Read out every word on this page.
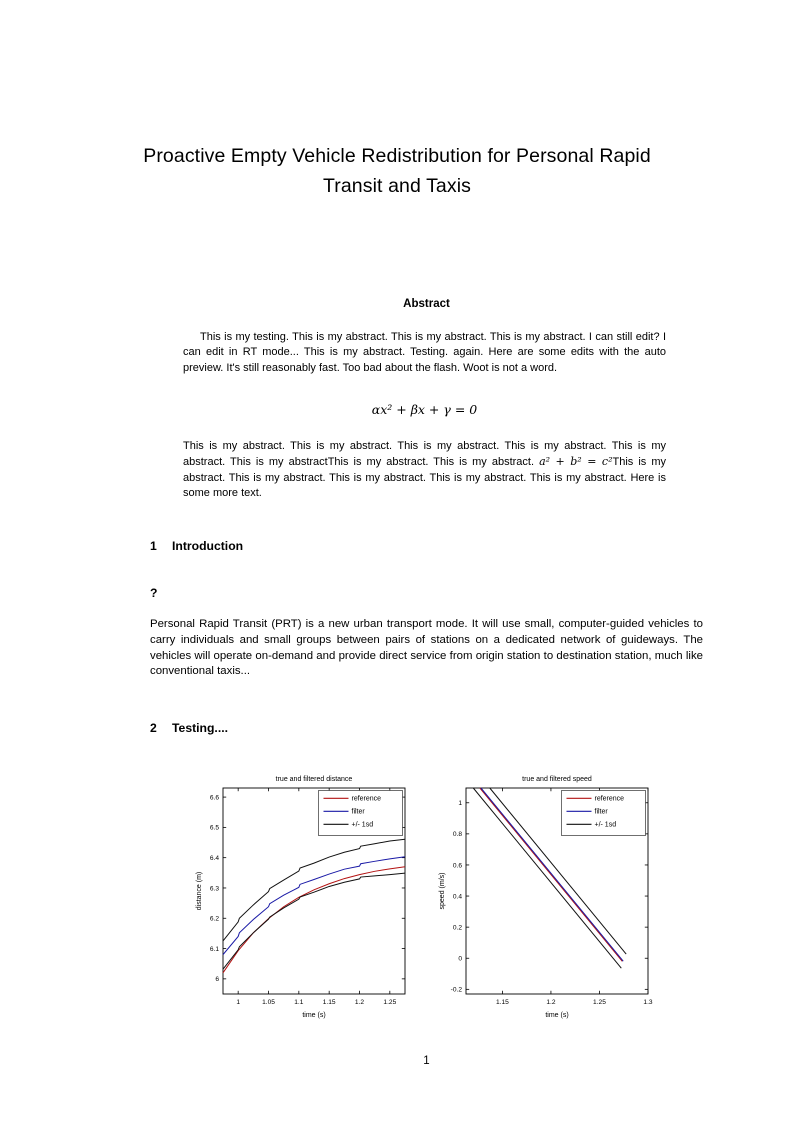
Proactive Empty Vehicle Redistribution for Personal Rapid Transit and Taxis
Abstract
This is my testing. This is my abstract. This is my abstract. This is my abstract. I can still edit? I can edit in RT mode... This is my abstract. Testing. again. Here are some edits with the auto preview. It's still reasonably fast. Too bad about the flash. Woot is not a word.
αx² + βx + γ = 0
This is my abstract. This is my abstract. This is my abstract. This is my abstract. This is my abstract. This is my abstractThis is my abstract. This is my abstract. a² + b² = c²This is my abstract. This is my abstract. This is my abstract. This is my abstract. This is my abstract. Here is some more text.
1 Introduction
?
Personal Rapid Transit (PRT) is a new urban transport mode. It will use small, computer-guided vehicles to carry individuals and small groups between pairs of stations on a dedicated network of guideways. The vehicles will operate on-demand and provide direct service from origin station to destination station, much like conventional taxis...
2 Testing....
1	1.05	1.1	1.15	1.2	1.25
6
6.1
6.2
6.3
6.4
6.5
6.6
true and filtered distance
time (s)
distance (m)
reference
filter
+/- 1sd
1.15	1.2	1.25	1.3
-0.2
0
0.2
0.4
0.6
0.8
1
true and filtered speed
time (s)
speed (m/s)
reference
filter
+/- 1sd
1
